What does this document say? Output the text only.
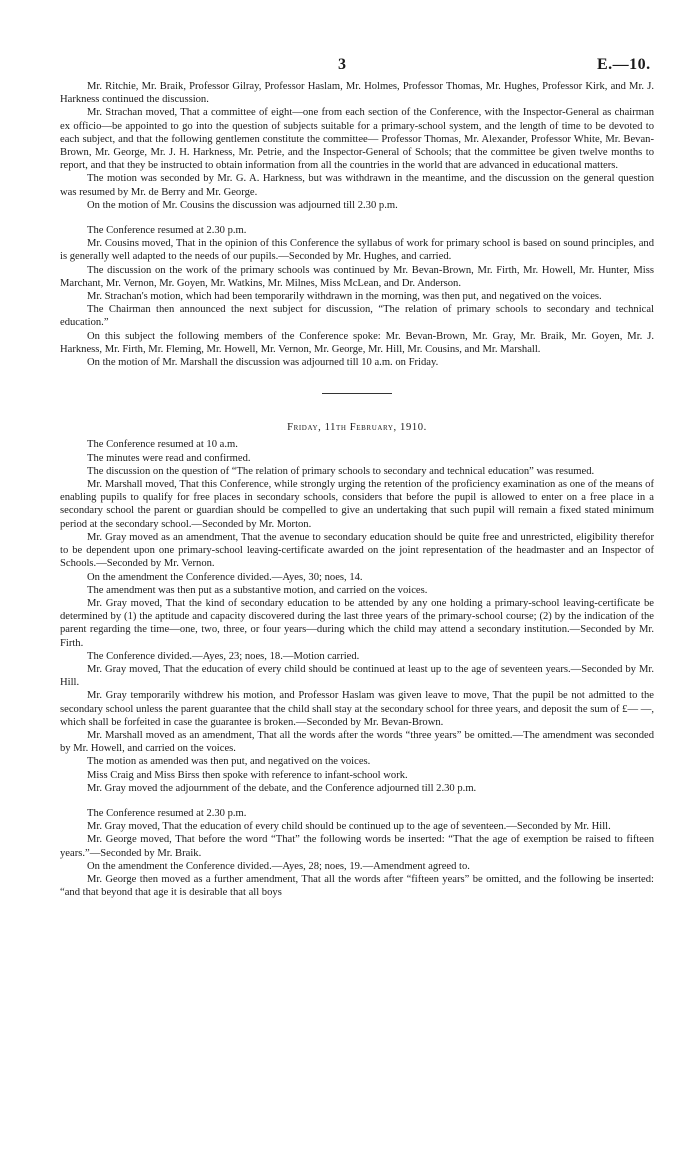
3	E.—10.

Mr. Ritchie, Mr. Braik, Professor Gilray, Professor Haslam, Mr. Holmes, Professor Thomas, Mr. Hughes, Professor Kirk, and Mr. J. Harkness continued the discussion.

Mr. Strachan moved, That a committee of eight—one from each section of the Conference, with the Inspector-General as chairman ex officio—be appointed to go into the question of subjects suitable for a primary-school system, and the length of time to be devoted to each subject, and that the following gentlemen constitute the committee— Professor Thomas, Mr. Alexander, Professor White, Mr. Bevan-Brown, Mr. George, Mr. J. H. Harkness, Mr. Petrie, and the Inspector-General of Schools; that the committee be given twelve months to report, and that they be instructed to obtain information from all the countries in the world that are advanced in educational matters.

The motion was seconded by Mr. G. A. Harkness, but was withdrawn in the meantime, and the discussion on the general question was resumed by Mr. de Berry and Mr. George.

On the motion of Mr. Cousins the discussion was adjourned till 2.30 p.m.

The Conference resumed at 2.30 p.m.

Mr. Cousins moved, That in the opinion of this Conference the syllabus of work for primary school is based on sound principles, and is generally well adapted to the needs of our pupils.—Seconded by Mr. Hughes, and carried.

The discussion on the work of the primary schools was continued by Mr. Bevan-Brown, Mr. Firth, Mr. Howell, Mr. Hunter, Miss Marchant, Mr. Vernon, Mr. Goyen, Mr. Watkins, Mr. Milnes, Miss McLean, and Dr. Anderson.

Mr. Strachan's motion, which had been temporarily withdrawn in the morning, was then put, and negatived on the voices.

The Chairman then announced the next subject for discussion, “The relation of primary schools to secondary and technical education.”

On this subject the following members of the Conference spoke: Mr. Bevan-Brown, Mr. Gray, Mr. Braik, Mr. Goyen, Mr. J. Harkness, Mr. Firth, Mr. Fleming, Mr. Howell, Mr. Vernon, Mr. George, Mr. Hill, Mr. Cousins, and Mr. Marshall.

On the motion of Mr. Marshall the discussion was adjourned till 10 a.m. on Friday.

Friday, 11th February, 1910.

The Conference resumed at 10 a.m.

The minutes were read and confirmed.

The discussion on the question of “The relation of primary schools to secondary and technical education” was resumed.

Mr. Marshall moved, That this Conference, while strongly urging the retention of the proficiency examination as one of the means of enabling pupils to qualify for free places in secondary schools, considers that before the pupil is allowed to enter on a free place in a secondary school the parent or guardian should be compelled to give an undertaking that such pupil will remain a fixed stated minimum period at the secondary school.—Seconded by Mr. Morton.

Mr. Gray moved as an amendment, That the avenue to secondary education should be quite free and unrestricted, eligibility therefor to be dependent upon one primary-school leaving-certificate awarded on the joint representation of the headmaster and an Inspector of Schools.—Seconded by Mr. Vernon.

On the amendment the Conference divided.—Ayes, 30; noes, 14.

The amendment was then put as a substantive motion, and carried on the voices.

Mr. Gray moved, That the kind of secondary education to be attended by any one holding a primary-school leaving-certificate be determined by (1) the aptitude and capacity discovered during the last three years of the primary-school course; (2) by the indication of the parent regarding the time—one, two, three, or four years—during which the child may attend a secondary institution.—Seconded by Mr. Firth.

The Conference divided.—Ayes, 23; noes, 18.—Motion carried.

Mr. Gray moved, That the education of every child should be continued at least up to the age of seventeen years.—Seconded by Mr. Hill.

Mr. Gray temporarily withdrew his motion, and Professor Haslam was given leave to move, That the pupil be not admitted to the secondary school unless the parent guarantee that the child shall stay at the secondary school for three years, and deposit the sum of £— —, which shall be forfeited in case the guarantee is broken.—Seconded by Mr. Bevan-Brown.

Mr. Marshall moved as an amendment, That all the words after the words “three years” be omitted.—The amendment was seconded by Mr. Howell, and carried on the voices.

The motion as amended was then put, and negatived on the voices.

Miss Craig and Miss Birss then spoke with reference to infant-school work.

Mr. Gray moved the adjournment of the debate, and the Conference adjourned till 2.30 p.m.

The Conference resumed at 2.30 p.m.

Mr. Gray moved, That the education of every child should be continued up to the age of seventeen.—Seconded by Mr. Hill.

Mr. George moved, That before the word “That” the following words be inserted: “That the age of exemption be raised to fifteen years.”—Seconded by Mr. Braik.

On the amendment the Conference divided.—Ayes, 28; noes, 19.—Amendment agreed to.

Mr. George then moved as a further amendment, That all the words after “fifteen years” be omitted, and the following be inserted: “and that beyond that age it is desirable that all boys
